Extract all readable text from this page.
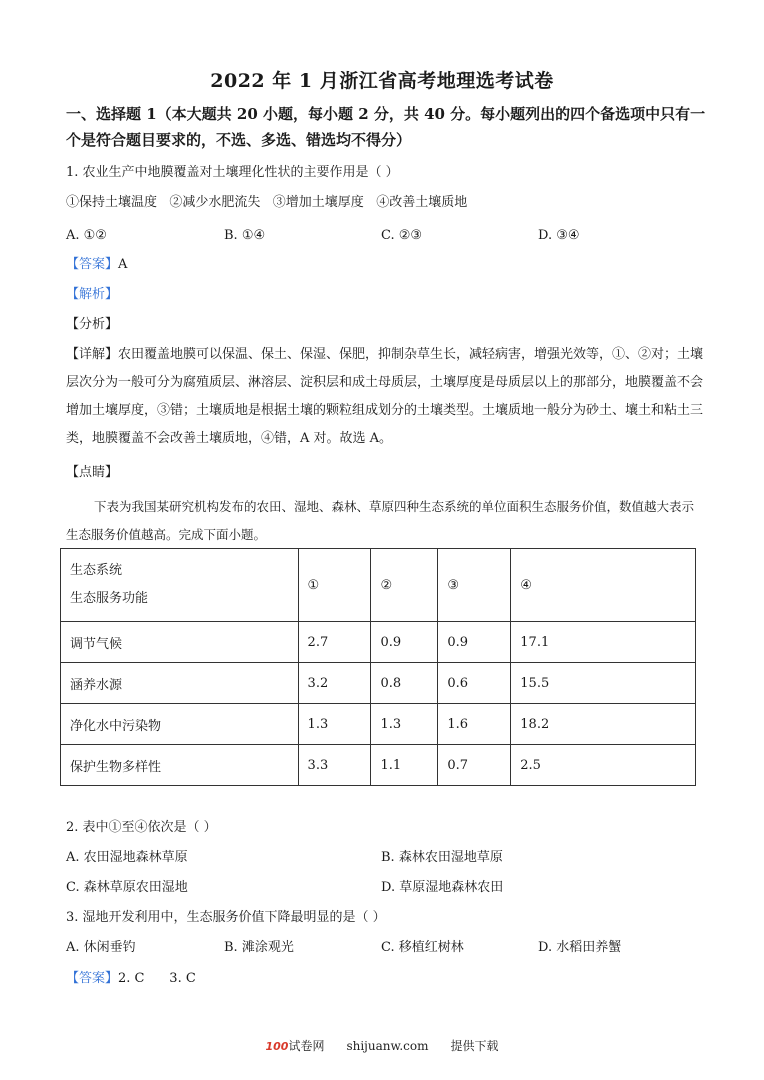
2022 年 1 月浙江省高考地理选考试卷
一、选择题 1（本大题共 20 小题，每小题 2 分，共 40 分。每小题列出的四个备选项中只有一
个是符合题目要求的，不选、多选、错选均不得分）
1. 农业生产中地膜覆盖对土壤理化性状的主要作用是（ ）
①保持土壤温度   ②减少水肥流失   ③增加土壤厚度   ④改善土壤质地
A. ①②	B. ①④	C. ②③	D. ③④
【答案】A
【解析】
【分析】
【详解】农田覆盖地膜可以保温、保土、保湿、保肥，抑制杂草生长，减轻病害，增强光效等，①、②对；土壤层次分为一般可分为腐殖质层、淋溶层、淀积层和成土母质层，土壤厚度是母质层以上的那部分，地膜覆盖不会增加土壤厚度，③错；土壤质地是根据土壤的颗粒组成划分的土壤类型。土壤质地一般分为砂土、壤土和粘土三类，地膜覆盖不会改善土壤质地，④错，A 对。故选 A。
【点睛】
下表为我国某研究机构发布的农田、湿地、森林、草原四种生态系统的单位面积生态服务价值，数值越大表示生态服务价值越高。完成下面小题。
生态系统
生态服务功能	①	②	③	④
调节气候	2.7	0.9	0.9	17.1
涵养水源	3.2	0.8	0.6	15.5
净化水中污染物	1.3	1.3	1.6	18.2
保护生物多样性	3.3	1.1	0.7	2.5
2. 表中①至④依次是（ ）
A. 农田湿地森林草原	B. 森林农田湿地草原
C. 森林草原农田湿地	D. 草原湿地森林农田
3. 湿地开发利用中，生态服务价值下降最明显的是（ ）
A. 休闲垂钓	B. 滩涂观光	C. 移植红树林	D. 水稻田养蟹
【答案】2. C      3. C
100试卷网 shijuanw.com 提供下载
